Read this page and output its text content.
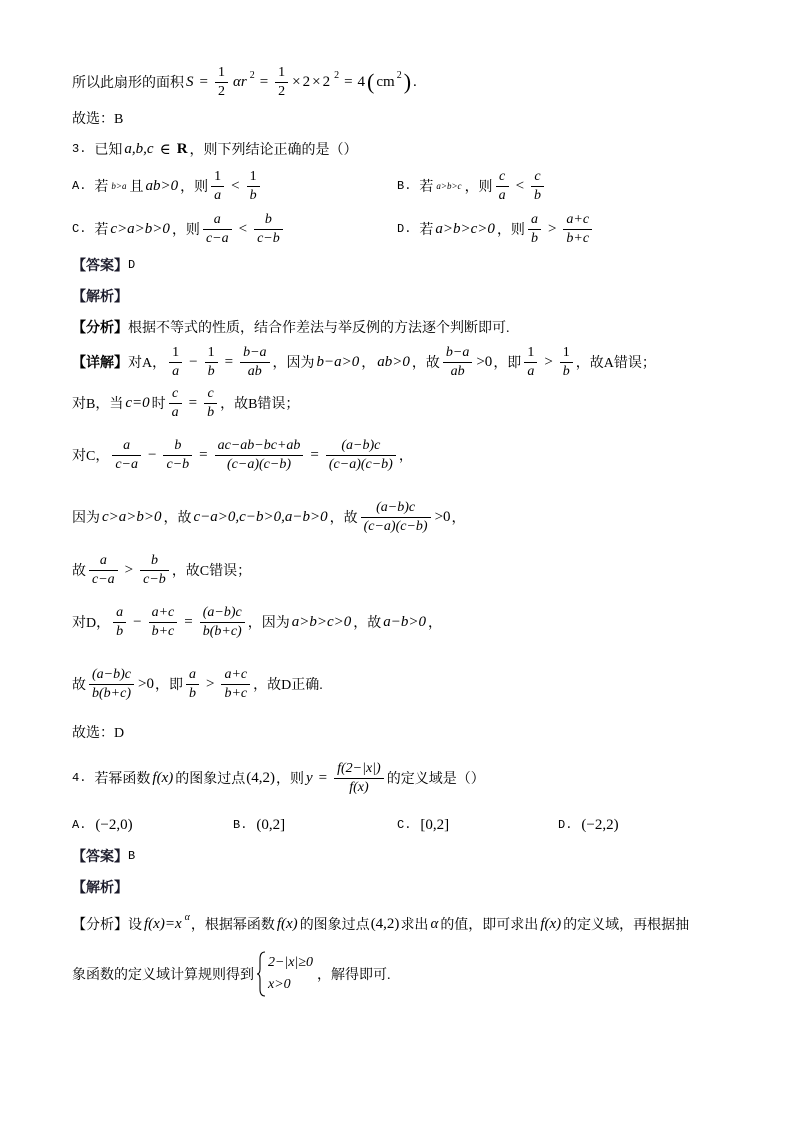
所以此扇形的面积 $S = \frac{1}{2}$ αr $2 = \frac{1}{2} \times 2\times 2$ 2 = 4 ( cm 2 ) .
故选：B
3. 已知 a,b,c ∈ R ，则下列结论正确的是（）
A. 若 b>a 且 ab>0 ，则 $\frac{1}{a} < \frac{1}{b}$	B. 若 a>b>c ，则 $\frac{c}{a} < \frac{c}{b}$
C. 若 c>a>b>0 ，则 $\frac{a}{c-a} < \frac{b}{c-b}$	D. 若 a>b>c>0 ，则 $\frac{a}{b} > \frac{a+c}{b+c}$
【答案】 D
【解析】
【分析】 根据不等式的性质，结合作差法与举反例的方法逐个判断即可.
【详解】 对A， $\frac{1}{a} - \frac{1}{b} = \frac{b-a}{ab}$ ，因为 b−a>0 ， ab>0 ，故 $\frac{b-a}{ab} >0$ ，即 $\frac{1}{a} > \frac{1}{b}$ ，故A错误；
对B，当 c=0 时 $\frac{c}{a} = \frac{c}{b}$ ，故B错误；
对C， $\frac{a}{c-a} - \frac{b}{c-b} = \frac{ac-ab-bc+ab}{(c-a)(c-b)} = \frac{(a-b)c}{(c-a)(c-b)}$ ，
因为 c>a>b>0 ，故 c−a>0,c−b>0,a−b>0 ，故 $\frac{(a-b)c}{(c-a)(c-b)} >0$ ，
故 $\frac{a}{c-a} > \frac{b}{c-b}$ ，故C错误；
对D， $\frac{a}{b} - \frac{a+c}{b+c} = \frac{(a-b)c}{b(b+c)}$ ，因为 a>b>c>0 ，故 a−b>0 ，
故 $\frac{(a-b)c}{b(b+c)} >0$ ，即 $\frac{a}{b} > \frac{a+c}{b+c}$ ，故D正确.
故选：D
4. 若幂函数 f(x) 的图象过点 (4,2) ，则 $y = \frac{f(2-|x|)}{f(x)}$ 的定义域是（）
A. (−2,0)	B. (0,2]	C. [0,2]	D. (−2,2)
【答案】 B
【解析】
【分析】设 f(x)=x α
，根据幂函数 f(x) 的图象过点 (4,2) 求出 α 的值，即可求出 f(x) 的定义域，再根据抽
象函数的定义域计算规则得到
2−|x|≥0
x>0
，解得即可.
